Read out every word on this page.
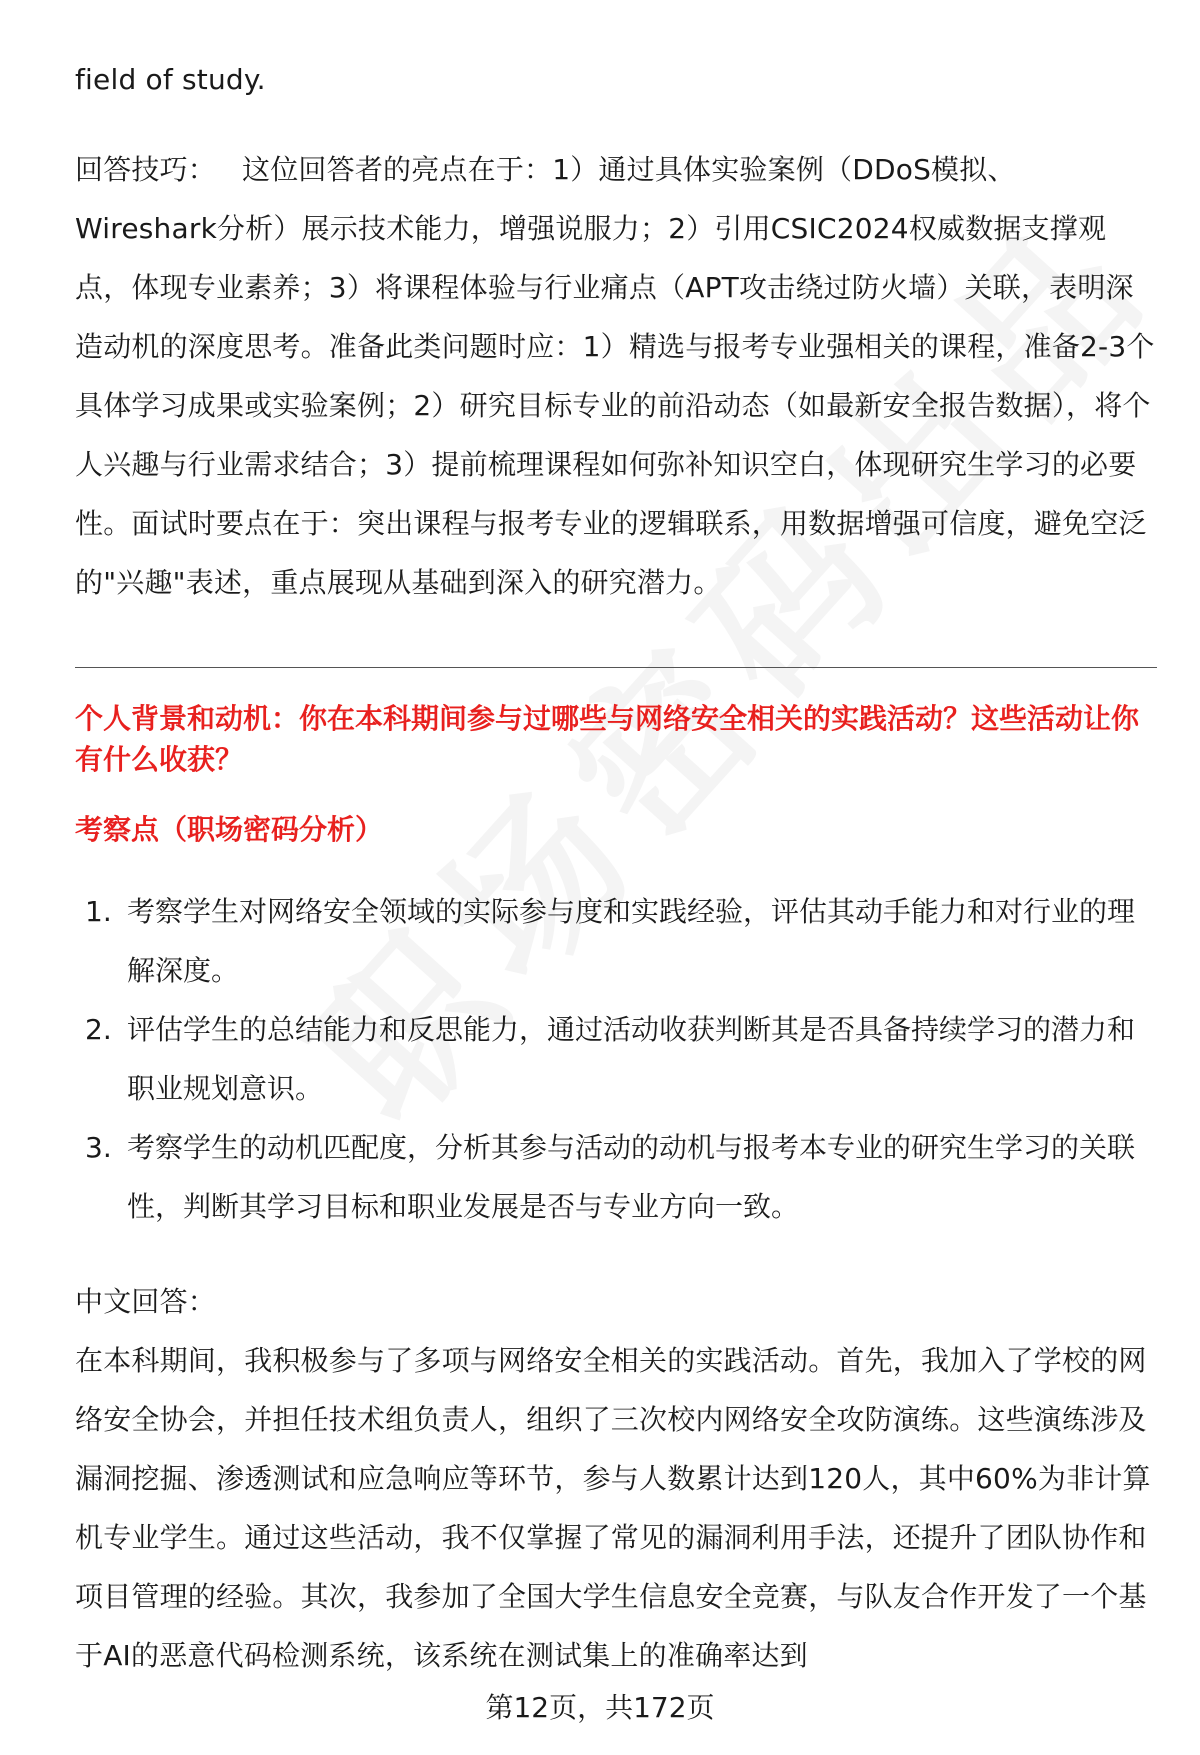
field of study.
回答技巧： 这位回答者的亮点在于：1）通过具体实验案例（DDoS模拟、Wireshark分析）展示技术能力，增强说服力；2）引用CSIC2024权威数据支撑观点，体现专业素养；3）将课程体验与行业痛点（APT攻击绕过防火墙）关联，表明深造动机的深度思考。准备此类问题时应：1）精选与报考专业强相关的课程，准备2-3个具体学习成果或实验案例；2）研究目标专业的前沿动态（如最新安全报告数据），将个人兴趣与行业需求结合；3）提前梳理课程如何弥补知识空白，体现研究生学习的必要性。面试时要点在于：突出课程与报考专业的逻辑联系，用数据增强可信度，避免空泛的"兴趣"表述，重点展现从基础到深入的研究潜力。
个人背景和动机：你在本科期间参与过哪些与网络安全相关的实践活动？这些活动让你有什么收获？
考察点（职场密码分析）
1. 考察学生对网络安全领域的实际参与度和实践经验，评估其动手能力和对行业的理解深度。
2. 评估学生的总结能力和反思能力，通过活动收获判断其是否具备持续学习的潜力和职业规划意识。
3. 考察学生的动机匹配度，分析其参与活动的动机与报考本专业的研究生学习的关联性，判断其学习目标和职业发展是否与专业方向一致。
中文回答：
在本科期间，我积极参与了多项与网络安全相关的实践活动。首先，我加入了学校的网络安全协会，并担任技术组负责人，组织了三次校内网络安全攻防演练。这些演练涉及漏洞挖掘、渗透测试和应急响应等环节，参与人数累计达到120人，其中60%为非计算机专业学生。通过这些活动，我不仅掌握了常见的漏洞利用手法，还提升了团队协作和项目管理的经验。其次，我参加了全国大学生信息安全竞赛，与队友合作开发了一个基于AI的恶意代码检测系统，该系统在测试集上的准确率达到
第12页，共172页
